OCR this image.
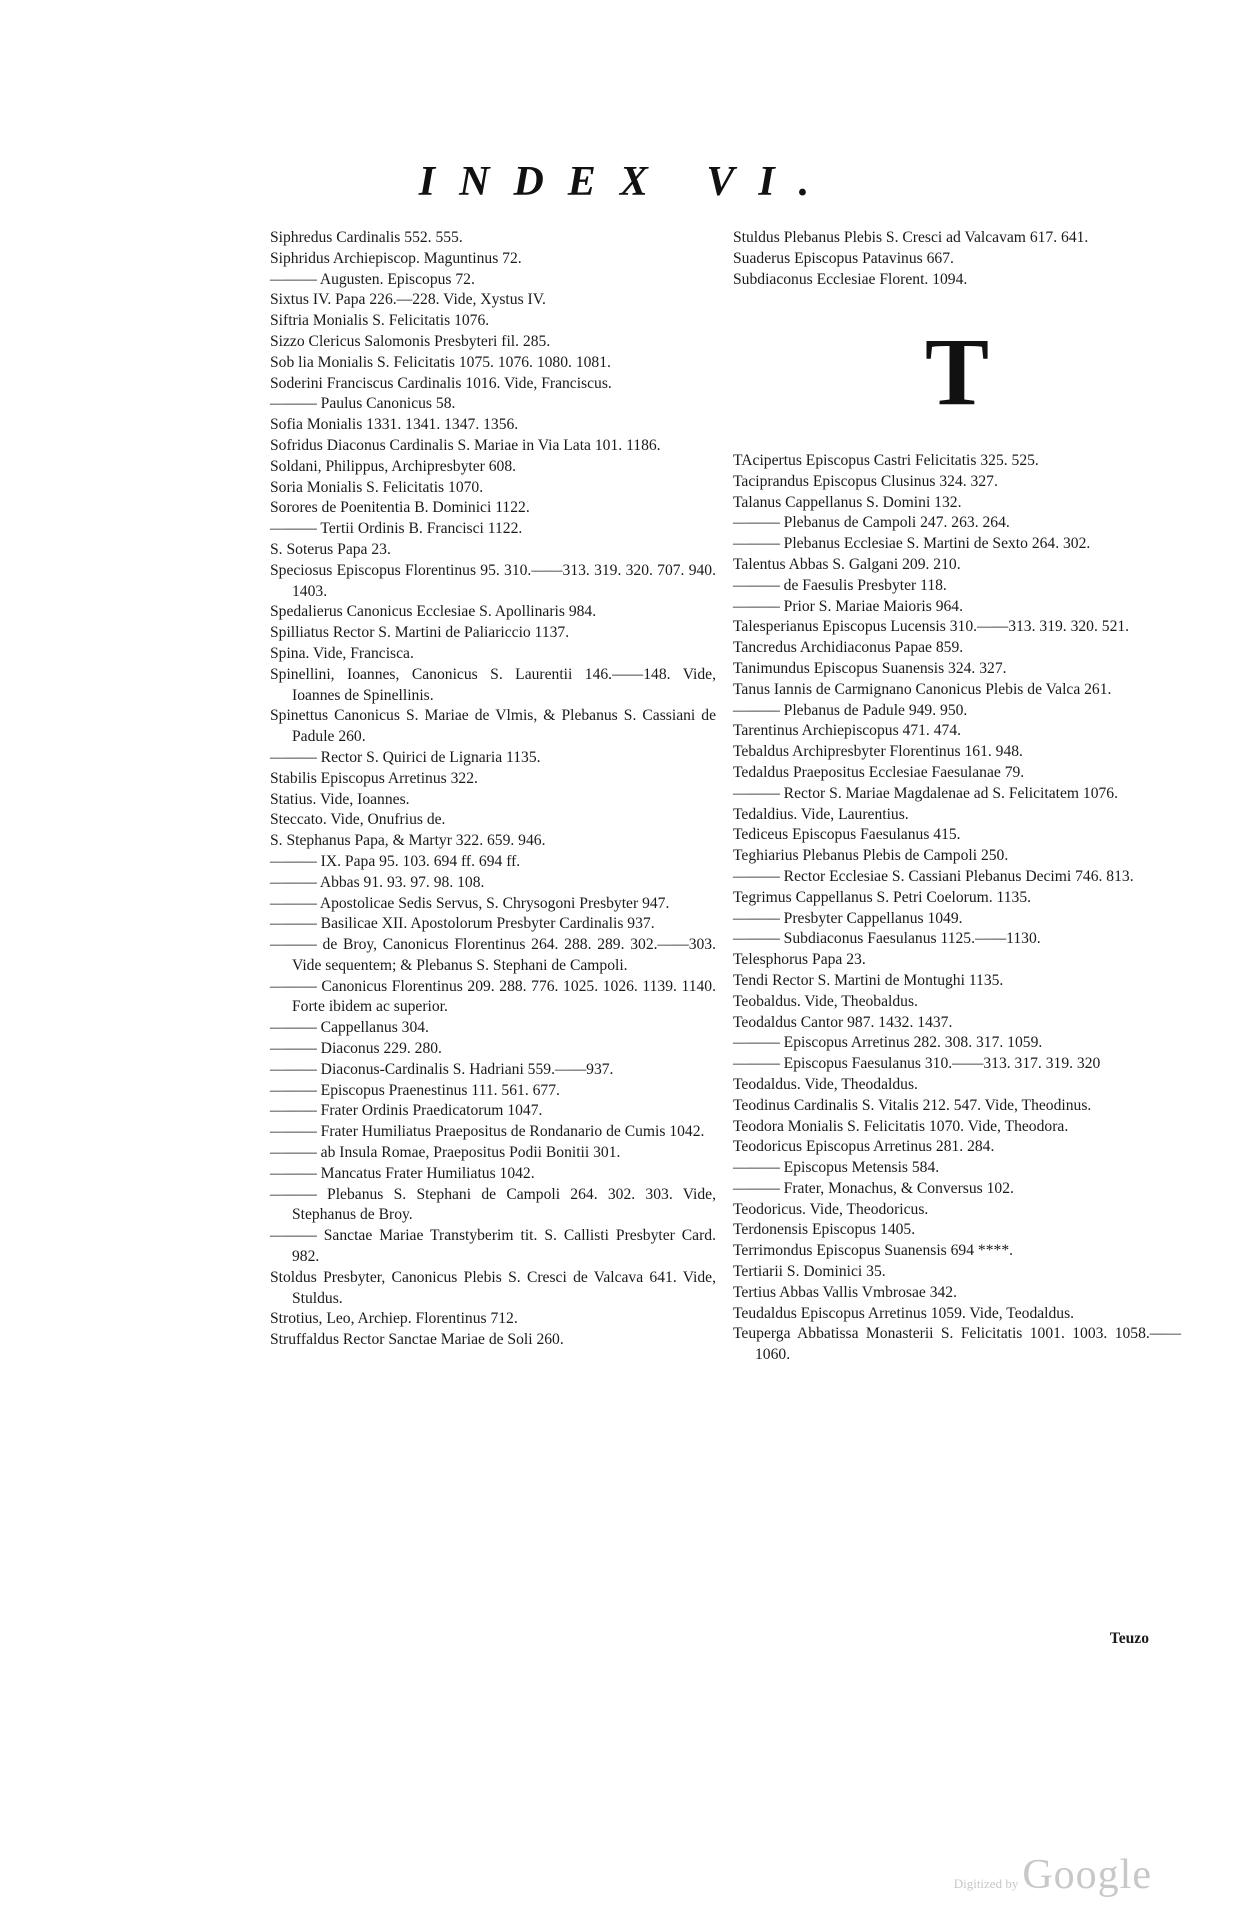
INDEX VI.
Siphredus Cardinalis 552. 555.
Siphridus Archiepiscop. Maguntinus 72.
——— Augusten. Episcopus 72.
Sixtus IV. Papa 226.—228. Vide, Xystus IV.
Siftria Monialis S. Felicitatis 1076.
Sizzo Clericus Salomonis Presbyteri fil. 285.
Sob lia Monialis S. Felicitatis 1075. 1076. 1080. 1081.
Soderini Franciscus Cardinalis 1016. Vide, Franciscus.
——— Paulus Canonicus 58.
Sofia Monialis 1331. 1341. 1347. 1356.
Sofridus Diaconus Cardinalis S. Mariae in Via Lata 101. 1186.
Soldani, Philippus, Archipresbyter 608.
Soria Monialis S. Felicitatis 1070.
Sorores de Poenitentia B. Dominici 1122.
——— Tertii Ordinis B. Francisci 1122.
S. Soterus Papa 23.
Speciosus Episcopus Florentinus 95. 310.——313. 319. 320. 707. 940. 1403.
Spedalierus Canonicus Ecclesiae S. Apollinaris 984.
Spilliatus Rector S. Martini de Paliariccio 1137.
Spina. Vide, Francisca.
Spinellini, Ioannes, Canonicus S. Laurentii 146.——148. Vide, Ioannes de Spinellinis.
Spinettus Canonicus S. Mariae de Vlmis, & Plebanus S. Cassiani de Padule 260.
——— Rector S. Quirici de Lignaria 1135.
Stabilis Episcopus Arretinus 322.
Statius. Vide, Ioannes.
Steccato. Vide, Onufrius de.
S. Stephanus Papa, & Martyr 322. 659. 946.
——— IX. Papa 95. 103. 694 ff. 694 ff.
——— Abbas 91. 93. 97. 98. 108.
——— Apostolicae Sedis Servus, S. Chrysogoni Presbyter 947.
——— Basilicae XII. Apostolorum Presbyter Cardinalis 937.
——— de Broy, Canonicus Florentinus 264. 288. 289. 302.——303. Vide sequentem; & Plebanus S. Stephani de Campoli.
——— Canonicus Florentinus 209. 288. 776. 1025. 1026. 1139. 1140. Forte ibidem ac superior.
——— Cappellanus 304.
——— Diaconus 229. 280.
——— Diaconus-Cardinalis S. Hadriani 559.——937.
——— Episcopus Praenestinus 111. 561. 677.
——— Frater Ordinis Praedicatorum 1047.
——— Frater Humiliatus Praepositus de Rondanario de Cumis 1042.
——— ab Insula Romae, Praepositus Podii Bonitii 301.
——— Mancatus Frater Humiliatus 1042.
——— Plebanus S. Stephani de Campoli 264. 302. 303. Vide, Stephanus de Broy.
——— Sanctae Mariae Transtyberim tit. S. Callisti Presbyter Card. 982.
Stoldus Presbyter, Canonicus Plebis S. Cresci de Valcava 641. Vide, Stuldus.
Strotius, Leo, Archiep. Florentinus 712.
Struffaldus Rector Sanctae Mariae de Soli 260.
Stuldus Plebanus Plebis S. Cresci ad Valcavam 617. 641.
Suaderus Episcopus Patavinus 667.
Subdiaconus Ecclesiae Florent. 1094.
T
TAcipertus Episcopus Castri Felicitatis 325. 525.
Taciprandus Episcopus Clusinus 324. 327.
Talanus Cappellanus S. Domini 132.
——— Plebanus de Campoli 247. 263. 264.
——— Plebanus Ecclesiae S. Martini de Sexto 264. 302.
Talentus Abbas S. Galgani 209. 210.
——— de Faesulis Presbyter 118.
——— Prior S. Mariae Maioris 964.
Talesperianus Episcopus Lucensis 310.——313. 319. 320. 521.
Tancredus Archidiaconus Papae 859.
Tanimundus Episcopus Suanensis 324. 327.
Tanus Iannis de Carmignano Canonicus Plebis de Valca 261.
——— Plebanus de Padule 949. 950.
Tarentinus Archiepiscopus 471. 474.
Tebaldus Archipresbyter Florentinus 161. 948.
Tedaldus Praepositus Ecclesiae Faesulanae 79.
——— Rector S. Mariae Magdalenae ad S. Felicitatem 1076.
Tedaldius. Vide, Laurentius.
Tediceus Episcopus Faesulanus 415.
Teghiarius Plebanus Plebis de Campoli 250.
——— Rector Ecclesiae S. Cassiani Plebanus Decimi 746. 813.
Tegrimus Cappellanus S. Petri Coelorum. 1135.
——— Presbyter Cappellanus 1049.
——— Subdiaconus Faesulanus 1125.——1130.
Telesphorus Papa 23.
Tendi Rector S. Martini de Montughi 1135.
Teobaldus. Vide, Theobaldus.
Teodaldus Cantor 987. 1432. 1437.
——— Episcopus Arretinus 282. 308. 317. 1059.
——— Episcopus Faesulanus 310.——313. 317. 319. 320
Teodaldus. Vide, Theodaldus.
Teodinus Cardinalis S. Vitalis 212. 547. Vide, Theodinus.
Teodora Monialis S. Felicitatis 1070. Vide, Theodora.
Teodoricus Episcopus Arretinus 281. 284.
——— Episcopus Metensis 584.
——— Frater, Monachus, & Conversus 102.
Teodoricus. Vide, Theodoricus.
Terdonensis Episcopus 1405.
Terrimondus Episcopus Suanensis 694 ****.
Tertiarii S. Dominici 35.
Tertius Abbas Vallis Vmbrosae 342.
Teudaldus Episcopus Arretinus 1059. Vide, Teodaldus.
Teuperga Abbatissa Monasterii S. Felicitatis 1001. 1003. 1058.——1060.
Teuzo
Digitized by Google
